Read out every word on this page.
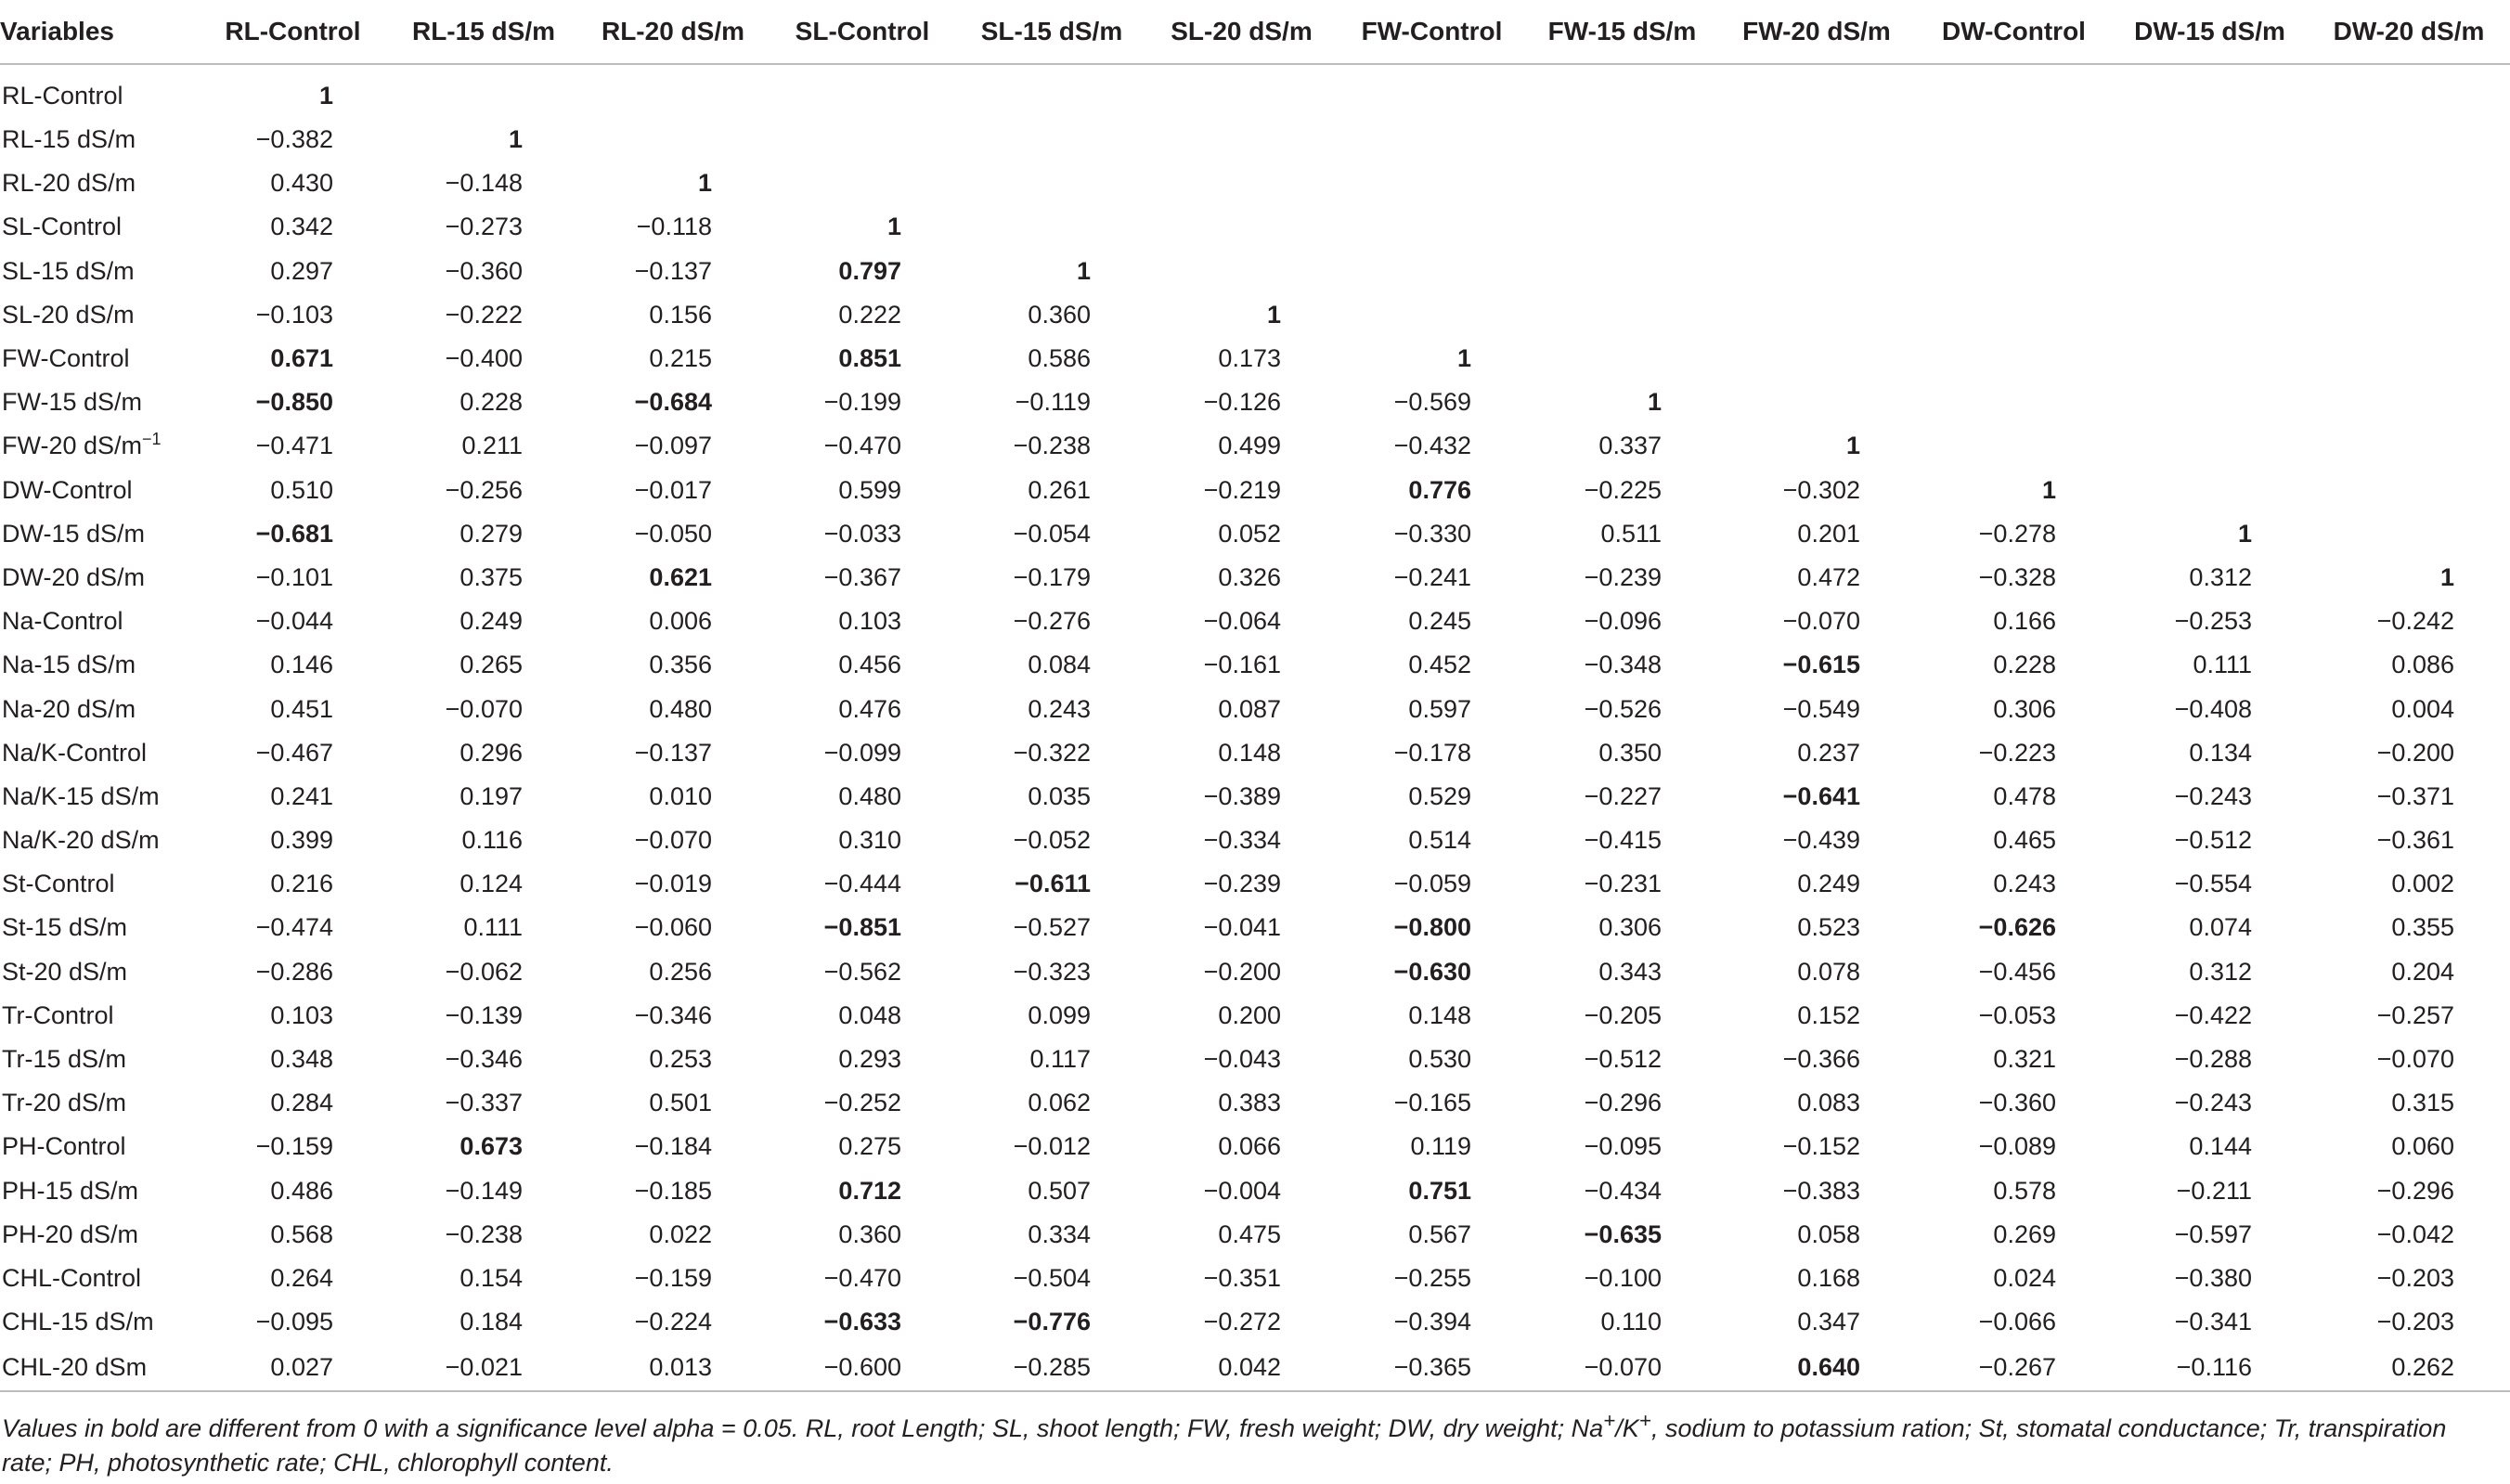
Variables	RL-Control	RL-15 dS/m	RL-20 dS/m	SL-Control	SL-15 dS/m	SL-20 dS/m	FW-Control	FW-15 dS/m	FW-20 dS/m	DW-Control	DW-15 dS/m	DW-20 dS/m
RL-Control	1											
RL-15 dS/m	−0.382	1										
RL-20 dS/m	0.430	−0.148	1									
SL-Control	0.342	−0.273	−0.118	1								
SL-15 dS/m	0.297	−0.360	−0.137	0.797	1							
SL-20 dS/m	−0.103	−0.222	0.156	0.222	0.360	1						
FW-Control	0.671	−0.400	0.215	0.851	0.586	0.173	1					
FW-15 dS/m	−0.850	0.228	−0.684	−0.199	−0.119	−0.126	−0.569	1				
FW-20 $dS/m^{-1}$	−0.471	0.211	−0.097	−0.470	−0.238	0.499	−0.432	0.337	1			
DW-Control	0.510	−0.256	−0.017	0.599	0.261	−0.219	0.776	−0.225	−0.302	1		
DW-15 dS/m	−0.681	0.279	−0.050	−0.033	−0.054	0.052	−0.330	0.511	0.201	−0.278	1	
DW-20 dS/m	−0.101	0.375	0.621	−0.367	−0.179	0.326	−0.241	−0.239	0.472	−0.328	0.312	1
Na-Control	−0.044	0.249	0.006	0.103	−0.276	−0.064	0.245	−0.096	−0.070	0.166	−0.253	−0.242
Na-15 dS/m	0.146	0.265	0.356	0.456	0.084	−0.161	0.452	−0.348	−0.615	0.228	0.111	0.086
Na-20 dS/m	0.451	−0.070	0.480	0.476	0.243	0.087	0.597	−0.526	−0.549	0.306	−0.408	0.004
Na/K-Control	−0.467	0.296	−0.137	−0.099	−0.322	0.148	−0.178	0.350	0.237	−0.223	0.134	−0.200
Na/K-15 dS/m	0.241	0.197	0.010	0.480	0.035	−0.389	0.529	−0.227	−0.641	0.478	−0.243	−0.371
Na/K-20 dS/m	0.399	0.116	−0.070	0.310	−0.052	−0.334	0.514	−0.415	−0.439	0.465	−0.512	−0.361
St-Control	0.216	0.124	−0.019	−0.444	−0.611	−0.239	−0.059	−0.231	0.249	0.243	−0.554	0.002
St-15 dS/m	−0.474	0.111	−0.060	−0.851	−0.527	−0.041	−0.800	0.306	0.523	−0.626	0.074	0.355
St-20 dS/m	−0.286	−0.062	0.256	−0.562	−0.323	−0.200	−0.630	0.343	0.078	−0.456	0.312	0.204
Tr-Control	0.103	−0.139	−0.346	0.048	0.099	0.200	0.148	−0.205	0.152	−0.053	−0.422	−0.257
Tr-15 dS/m	0.348	−0.346	0.253	0.293	0.117	−0.043	0.530	−0.512	−0.366	0.321	−0.288	−0.070
Tr-20 dS/m	0.284	−0.337	0.501	−0.252	0.062	0.383	−0.165	−0.296	0.083	−0.360	−0.243	0.315
PH-Control	−0.159	0.673	−0.184	0.275	−0.012	0.066	0.119	−0.095	−0.152	−0.089	0.144	0.060
PH-15 dS/m	0.486	−0.149	−0.185	0.712	0.507	−0.004	0.751	−0.434	−0.383	0.578	−0.211	−0.296
PH-20 dS/m	0.568	−0.238	0.022	0.360	0.334	0.475	0.567	−0.635	0.058	0.269	−0.597	−0.042
CHL-Control	0.264	0.154	−0.159	−0.470	−0.504	−0.351	−0.255	−0.100	0.168	0.024	−0.380	−0.203
CHL-15 dS/m	−0.095	0.184	−0.224	−0.633	−0.776	−0.272	−0.394	0.110	0.347	−0.066	−0.341	−0.203
CHL-20 dSm	0.027	−0.021	0.013	−0.600	−0.285	0.042	−0.365	−0.070	0.640	−0.267	−0.116	0.262
Values in bold are different from 0 with a significance level alpha = 0.05. RL, root Length; SL, shoot length; FW, fresh weight; DW, dry weight; Na+/K+, sodium to potassium ration; St, stomatal conductance; Tr, transpiration rate; PH, photosynthetic rate; CHL, chlorophyll content.
